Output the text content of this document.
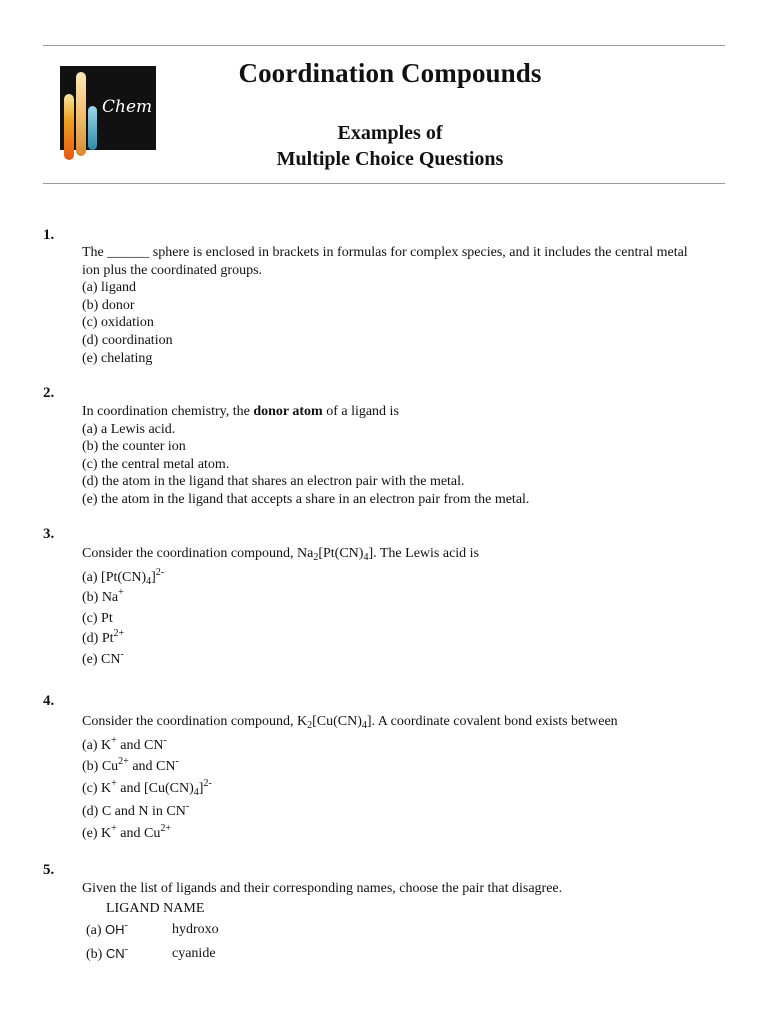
Chem
Coordination Compounds
Examples of
Multiple Choice Questions
1.
The ______ sphere is enclosed in brackets in formulas for complex species, and it includes the central metal ion plus the coordinated groups.
(a) ligand
(b) donor
(c) oxidation
(d) coordination
(e) chelating
2.
In coordination chemistry, the donor atom of a ligand is
(a) a Lewis acid.
(b) the counter ion
(c) the central metal atom.
(d) the atom in the ligand that shares an electron pair with the metal.
(e) the atom in the ligand that accepts a share in an electron pair from the metal.
3.
Consider the coordination compound, $Na_2[Pt(CN)_4]$. The Lewis acid is
(a) $[Pt(CN)_4]^{2-}$
(b) Na+
(c) Pt
(d) $Pt^{2+}$
(e) CN-
4.
Consider the coordination compound, $K_2[Cu(CN)_4]$. A coordinate covalent bond exists between
(a) K+ and CN-
(b) $Cu^{2+}$ and CN-
(c) K+ and $[Cu(CN)_4]^{2-}$
(d) C and N in CN-
(e) K+ and $Cu^{2+}$
5.
Given the list of ligands and their corresponding names, choose the pair that disagree.
LIGAND NAME
(a) OH-	hydroxo
(b) CN-	cyanide
